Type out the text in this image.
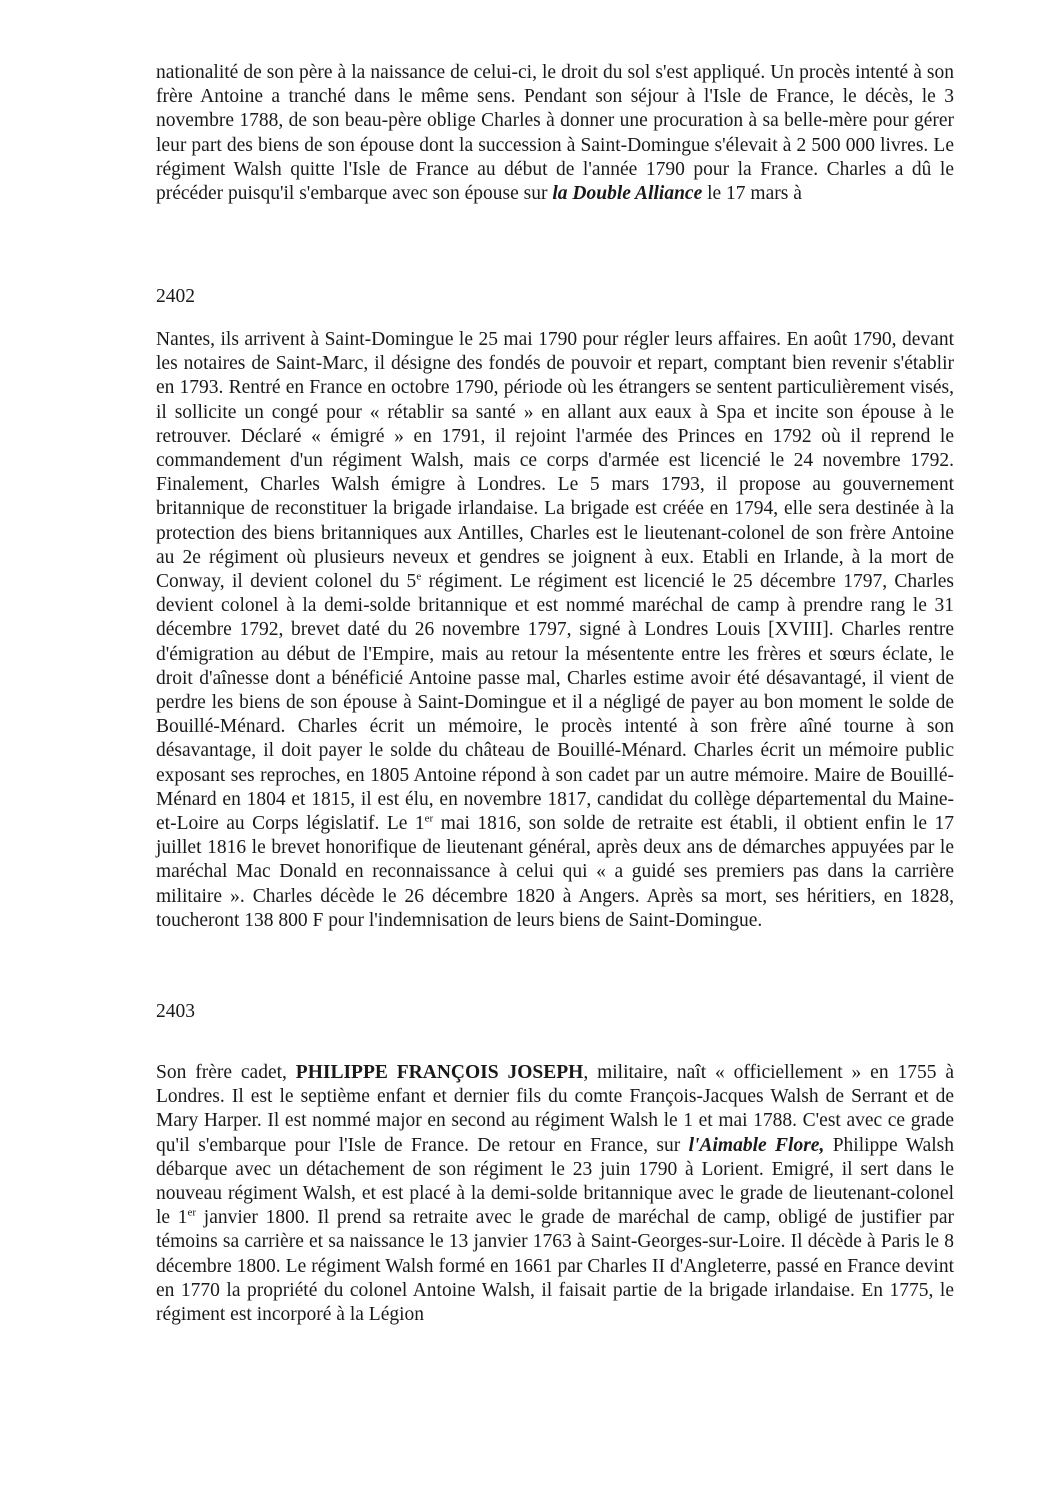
nationalité de son père à la naissance de celui-ci, le droit du sol s'est appliqué. Un procès intenté à son frère Antoine a tranché dans le même sens. Pendant son séjour à l'Isle de France, le décès, le 3 novembre 1788, de son beau-père oblige Charles à donner une procuration à sa belle-mère pour gérer leur part des biens de son épouse dont la succession à Saint-Domingue s'élevait à 2 500 000 livres. Le régiment Walsh quitte l'Isle de France au début de l'année 1790 pour la France. Charles a dû le précéder puisqu'il s'embarque avec son épouse sur la Double Alliance le 17 mars à

2402

Nantes, ils arrivent à Saint-Domingue le 25 mai 1790 pour régler leurs affaires. En août 1790, devant les notaires de Saint-Marc, il désigne des fondés de pouvoir et repart, comptant bien revenir s'établir en 1793. Rentré en France en octobre 1790, période où les étrangers se sentent particulièrement visés, il sollicite un congé pour « rétablir sa santé » en allant aux eaux à Spa et incite son épouse à le retrouver. Déclaré « émigré » en 1791, il rejoint l'armée des Princes en 1792 où il reprend le commandement d'un régiment Walsh, mais ce corps d'armée est licencié le 24 novembre 1792. Finalement, Charles Walsh émigre à Londres. Le 5 mars 1793, il propose au gouvernement britannique de reconstituer la brigade irlandaise. La brigade est créée en 1794, elle sera destinée à la protection des biens britanniques aux Antilles, Charles est le lieutenant-colonel de son frère Antoine au 2e régiment où plusieurs neveux et gendres se joignent à eux. Etabli en Irlande, à la mort de Conway, il devient colonel du 5e régiment. Le régiment est licencié le 25 décembre 1797, Charles devient colonel à la demi-solde britannique et est nommé maréchal de camp à prendre rang le 31 décembre 1792, brevet daté du 26 novembre 1797, signé à Londres Louis [XVIII]. Charles rentre d'émigration au début de l'Empire, mais au retour la mésentente entre les frères et sœurs éclate, le droit d'aînesse dont a bénéficié Antoine passe mal, Charles estime avoir été désavantagé, il vient de perdre les biens de son épouse à Saint-Domingue et il a négligé de payer au bon moment le solde de Bouillé-Ménard. Charles écrit un mémoire, le procès intenté à son frère aîné tourne à son désavantage, il doit payer le solde du château de Bouillé-Ménard. Charles écrit un mémoire public exposant ses reproches, en 1805 Antoine répond à son cadet par un autre mémoire. Maire de Bouillé-Ménard en 1804 et 1815, il est élu, en novembre 1817, candidat du collège départemental du Maine-et-Loire au Corps législatif. Le 1er mai 1816, son solde de retraite est établi, il obtient enfin le 17 juillet 1816 le brevet honorifique de lieutenant général, après deux ans de démarches appuyées par le maréchal Mac Donald en reconnaissance à celui qui « a guidé ses premiers pas dans la carrière militaire ». Charles décède le 26 décembre 1820 à Angers. Après sa mort, ses héritiers, en 1828, toucheront 138 800 F pour l'indemnisation de leurs biens de Saint-Domingue.

2403

Son frère cadet, PHILIPPE FRANÇOIS JOSEPH, militaire, naît « officiellement » en 1755 à Londres. Il est le septième enfant et dernier fils du comte François-Jacques Walsh de Serrant et de Mary Harper. Il est nommé major en second au régiment Walsh le 1 et mai 1788. C'est avec ce grade qu'il s'embarque pour l'Isle de France. De retour en France, sur l'Aimable Flore, Philippe Walsh débarque avec un détachement de son régiment le 23 juin 1790 à Lorient. Emigré, il sert dans le nouveau régiment Walsh, et est placé à la demi-solde britannique avec le grade de lieutenant-colonel le 1er janvier 1800. Il prend sa retraite avec le grade de maréchal de camp, obligé de justifier par témoins sa carrière et sa naissance le 13 janvier 1763 à Saint-Georges-sur-Loire. Il décède à Paris le 8 décembre 1800. Le régiment Walsh formé en 1661 par Charles II d'Angleterre, passé en France devint en 1770 la propriété du colonel Antoine Walsh, il faisait partie de la brigade irlandaise. En 1775, le régiment est incorporé à la Légion
